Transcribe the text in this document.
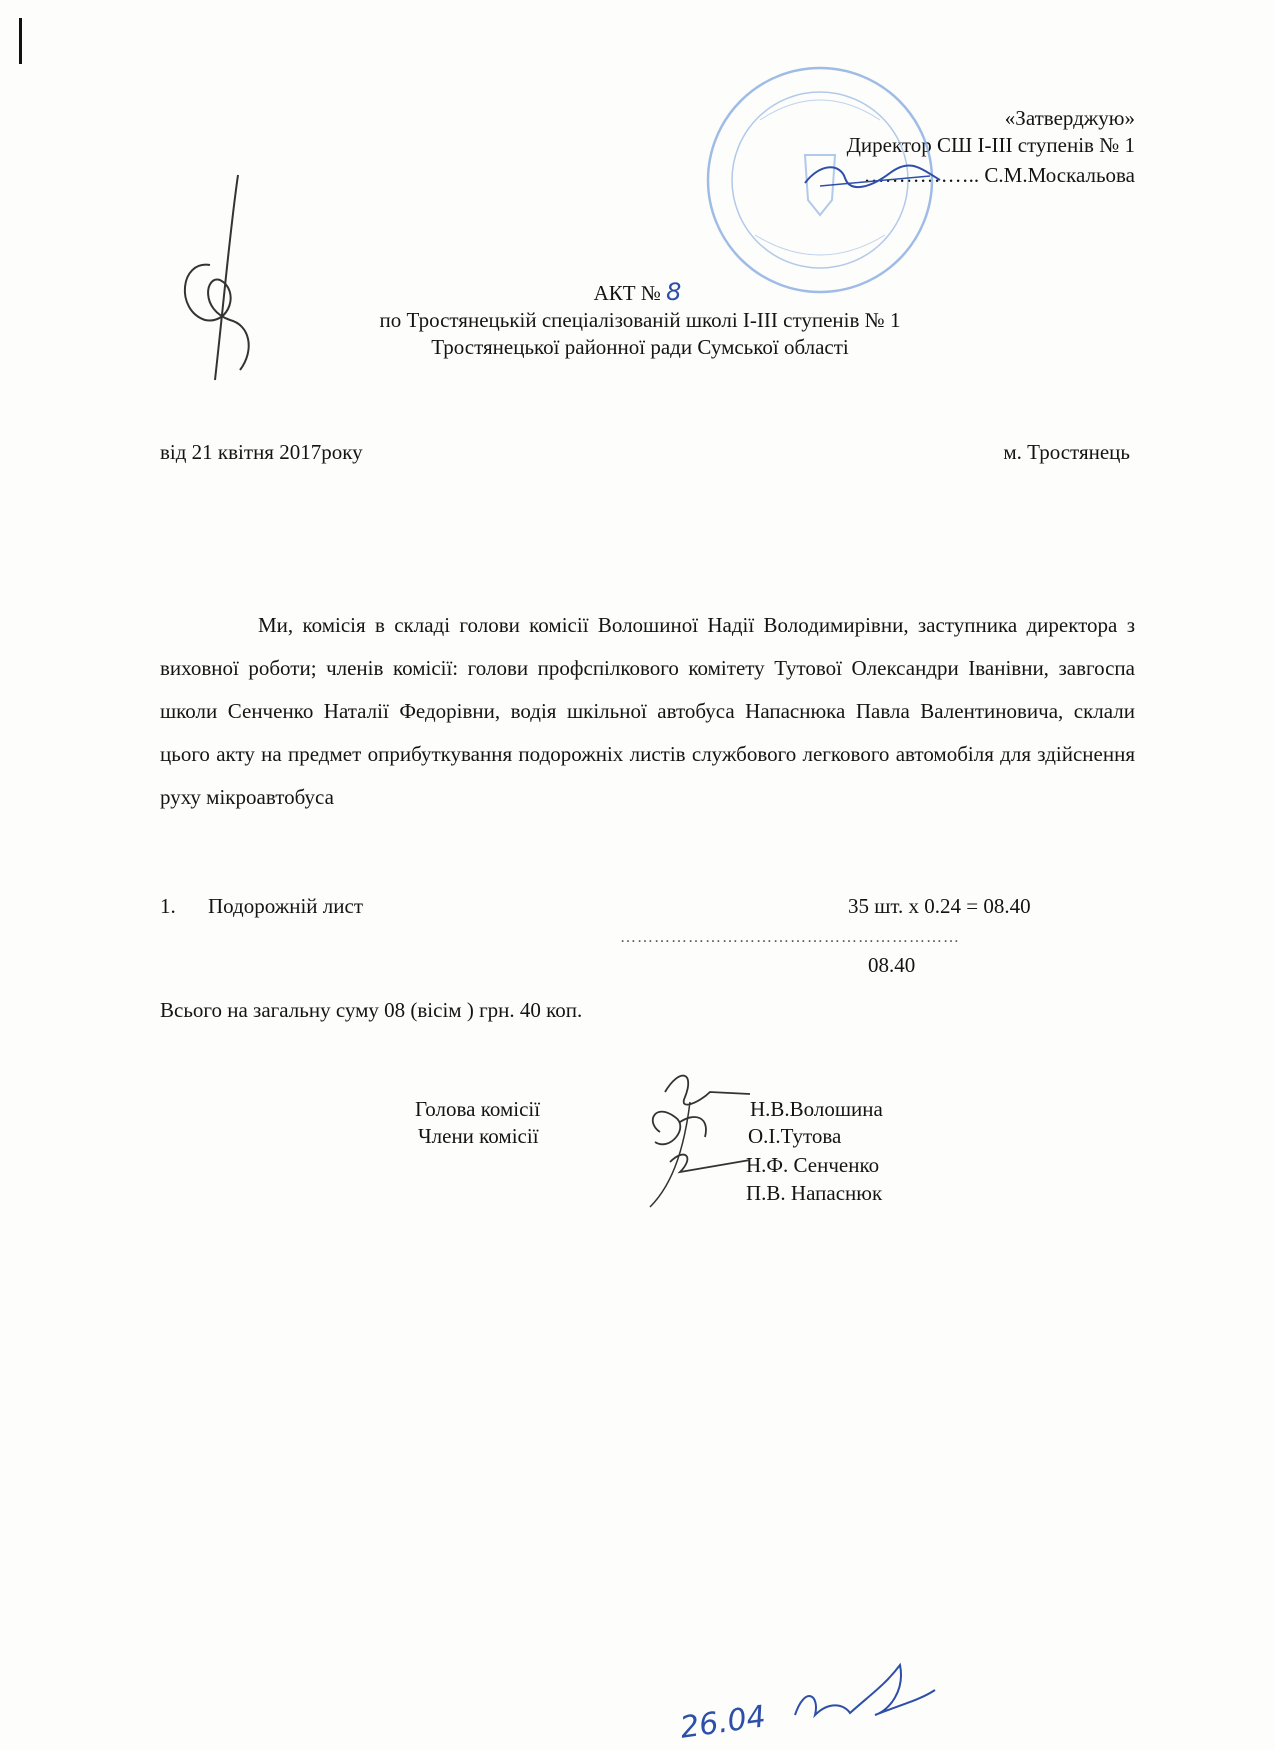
«Затверджую»
Директор СШ І-ІІІ ступенів № 1
…………….. С.М.Москальова
АКТ № 8
по Тростянецькій спеціалізованій школі І-ІІІ ступенів № 1
Тростянецької районної ради Сумської області
від 21 квітня 2017року	м. Тростянець
Ми, комісія в складі голови комісії Волошиної Надії Володимирівни, заступника директора з виховної роботи; членів комісії: голови профспілкового комітету Тутової Олександри Іванівни, завгоспа школи Сенченко Наталії Федорівни, водія шкільної автобуса Напаснюка Павла Валентиновича, склали цього акту на предмет оприбуткування подорожніх листів службового легкового автомобіля для здійснення руху мікроавтобуса
1. Подорожній лист	35 шт. х 0.24 = 08.40
……………………………………………………
08.40
Всього на загальну суму 08 (вісім ) грн. 40 коп.
Голова комісії
Члени комісії
Н.В.Волошина
О.І.Тутова
Н.Ф. Сенченко
П.В. Напаснюк
26.04
